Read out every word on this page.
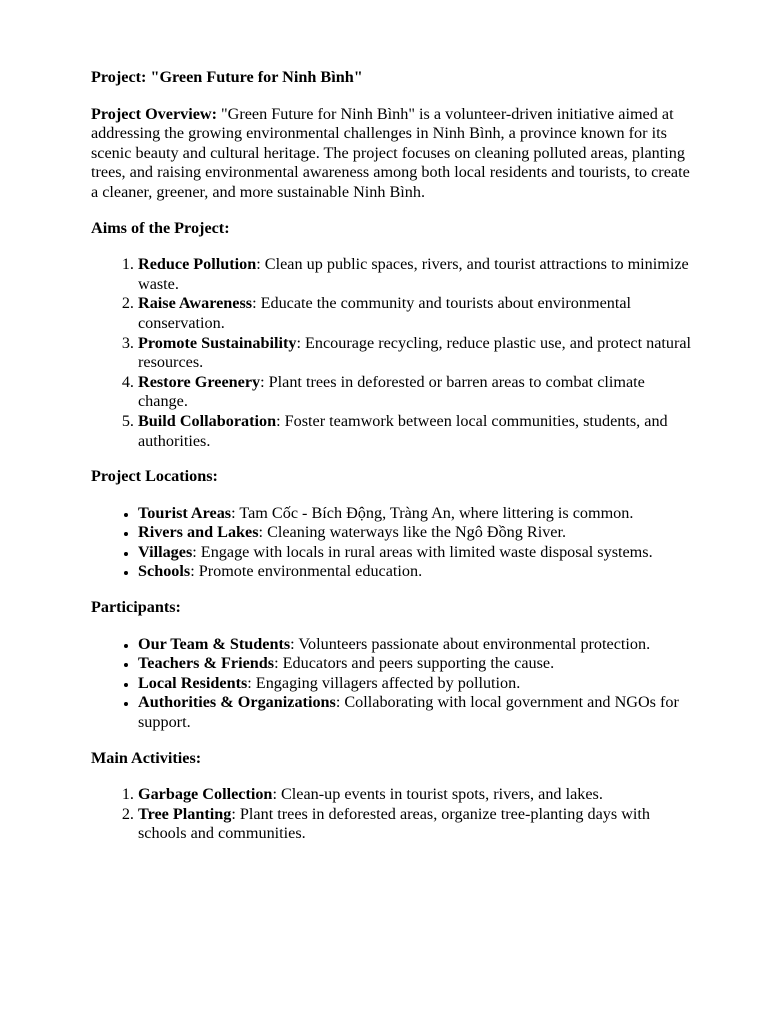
Project: "Green Future for Ninh Bình"
Project Overview: "Green Future for Ninh Bình" is a volunteer-driven initiative aimed at addressing the growing environmental challenges in Ninh Bình, a province known for its scenic beauty and cultural heritage. The project focuses on cleaning polluted areas, planting trees, and raising environmental awareness among both local residents and tourists, to create a cleaner, greener, and more sustainable Ninh Bình.
Aims of the Project:
1. Reduce Pollution: Clean up public spaces, rivers, and tourist attractions to minimize waste.
2. Raise Awareness: Educate the community and tourists about environmental conservation.
3. Promote Sustainability: Encourage recycling, reduce plastic use, and protect natural resources.
4. Restore Greenery: Plant trees in deforested or barren areas to combat climate change.
5. Build Collaboration: Foster teamwork between local communities, students, and authorities.
Project Locations:
• Tourist Areas: Tam Cốc - Bích Động, Tràng An, where littering is common.
• Rivers and Lakes: Cleaning waterways like the Ngô Đồng River.
• Villages: Engage with locals in rural areas with limited waste disposal systems.
• Schools: Promote environmental education.
Participants:
• Our Team & Students: Volunteers passionate about environmental protection.
• Teachers & Friends: Educators and peers supporting the cause.
• Local Residents: Engaging villagers affected by pollution.
• Authorities & Organizations: Collaborating with local government and NGOs for support.
Main Activities:
1. Garbage Collection: Clean-up events in tourist spots, rivers, and lakes.
2. Tree Planting: Plant trees in deforested areas, organize tree-planting days with schools and communities.
